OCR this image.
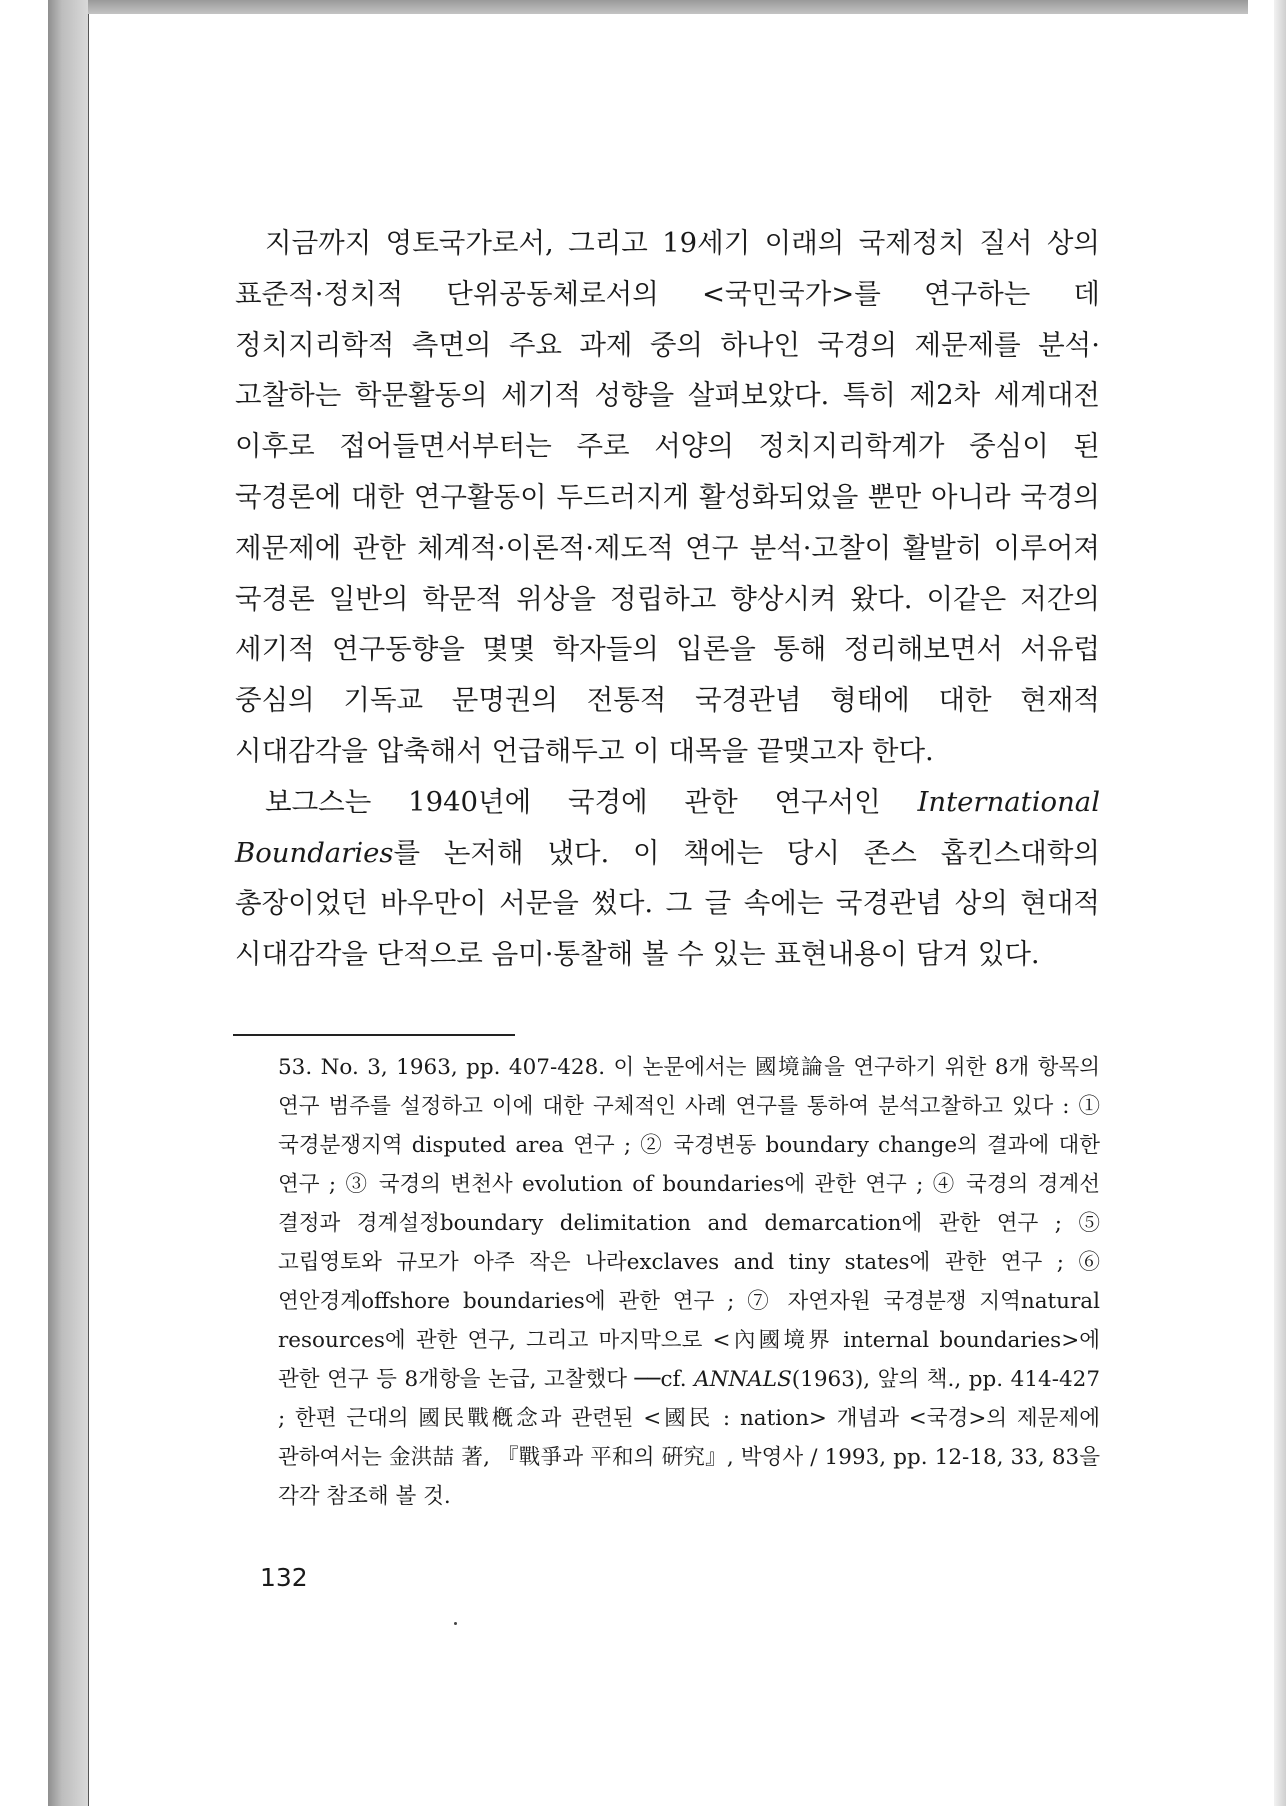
지금까지 영토국가로서, 그리고 19세기 이래의 국제정치 질서 상의 표준적·정치적 단위공동체로서의 <국민국가>를 연구하는 데 정치지리학적 측면의 주요 과제 중의 하나인 국경의 제문제를 분석·고찰하는 학문활동의 세기적 성향을 살펴보았다. 특히 제2차 세계대전 이후로 접어들면서부터는 주로 서양의 정치지리학계가 중심이 된 국경론에 대한 연구활동이 두드러지게 활성화되었을 뿐만 아니라 국경의 제문제에 관한 체계적·이론적·제도적 연구 분석·고찰이 활발히 이루어져 국경론 일반의 학문적 위상을 정립하고 향상시켜 왔다. 이같은 저간의 세기적 연구동향을 몇몇 학자들의 입론을 통해 정리해보면서 서유럽 중심의 기독교 문명권의 전통적 국경관념 형태에 대한 현재적 시대감각을 압축해서 언급해두고 이 대목을 끝맺고자 한다.

보그스는 1940년에 국경에 관한 연구서인 International Boundaries를 논저해 냈다. 이 책에는 당시 존스 홉킨스대학의 총장이었던 바우만이 서문을 썼다. 그 글 속에는 국경관념 상의 현대적 시대감각을 단적으로 음미·통찰해 볼 수 있는 표현내용이 담겨 있다.

53. No. 3, 1963, pp. 407-428. 이 논문에서는 國境論을 연구하기 위한 8개 항목의 연구 범주를 설정하고 이에 대한 구체적인 사례 연구를 통하여 분석고찰하고 있다 : ① 국경분쟁지역 disputed area 연구 ; ② 국경변동 boundary change의 결과에 대한 연구 ; ③ 국경의 변천사 evolution of boundaries에 관한 연구 ; ④ 국경의 경계선 결정과 경계설정boundary delimitation and demarcation에 관한 연구 ; ⑤ 고립영토와 규모가 아주 작은 나라exclaves and tiny states에 관한 연구 ; ⑥ 연안경계offshore boundaries에 관한 연구 ; ⑦ 자연자원 국경분쟁 지역natural resources에 관한 연구, 그리고 마지막으로 <內國境界 internal boundaries>에 관한 연구 등 8개항을 논급, 고찰했다 ──cf. ANNALS(1963), 앞의 책., pp. 414-427 ; 한편 근대의 國民戰槪念과 관련된 <國民 : nation> 개념과 <국경>의 제문제에 관하여서는 金洪喆 著, 『戰爭과 平和의 硏究』, 박영사 / 1993, pp. 12-18, 33, 83을 각각 참조해 볼 것.

132
